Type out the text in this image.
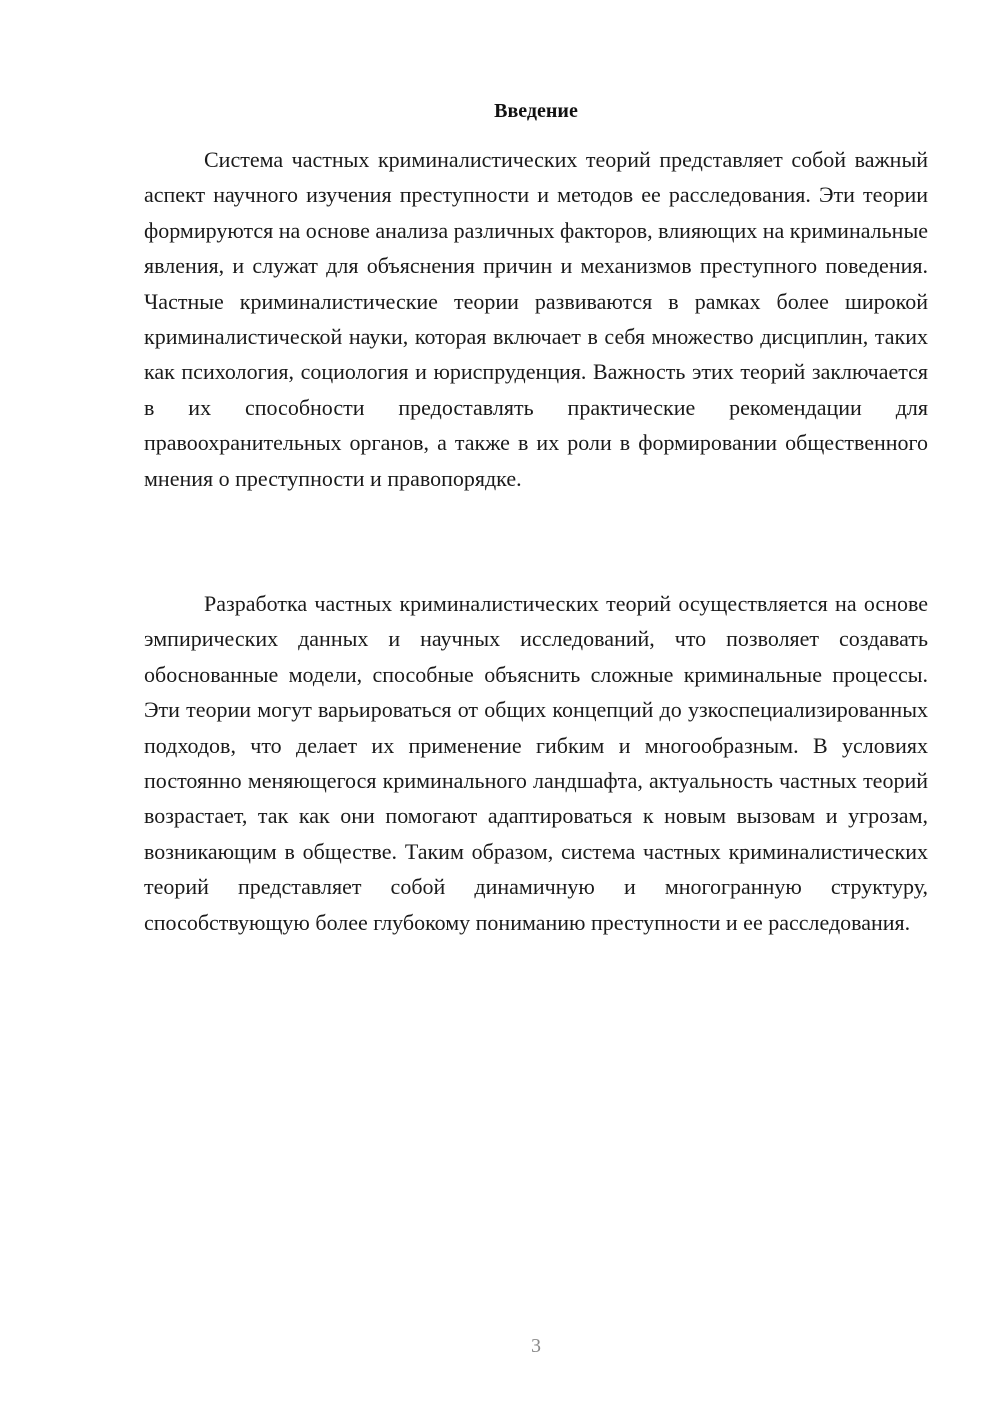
Введение

Система частных криминалистических теорий представляет собой важный аспект научного изучения преступности и методов ее расследования. Эти теории формируются на основе анализа различных факторов, влияющих на криминальные явления, и служат для объяснения причин и механизмов преступного поведения. Частные криминалистические теории развиваются в рамках более широкой криминалистической науки, которая включает в себя множество дисциплин, таких как психология, социология и юриспруденция. Важность этих теорий заключается в их способности предоставлять практические рекомендации для правоохранительных органов, а также в их роли в формировании общественного мнения о преступности и правопорядке.

Разработка частных криминалистических теорий осуществляется на основе эмпирических данных и научных исследований, что позволяет создавать обоснованные модели, способные объяснить сложные криминальные процессы. Эти теории могут варьироваться от общих концепций до узкоспециализированных подходов, что делает их применение гибким и многообразным. В условиях постоянно меняющегося криминального ландшафта, актуальность частных теорий возрастает, так как они помогают адаптироваться к новым вызовам и угрозам, возникающим в обществе. Таким образом, система частных криминалистических теорий представляет собой динамичную и многогранную структуру, способствующую более глубокому пониманию преступности и ее расследования.

3
